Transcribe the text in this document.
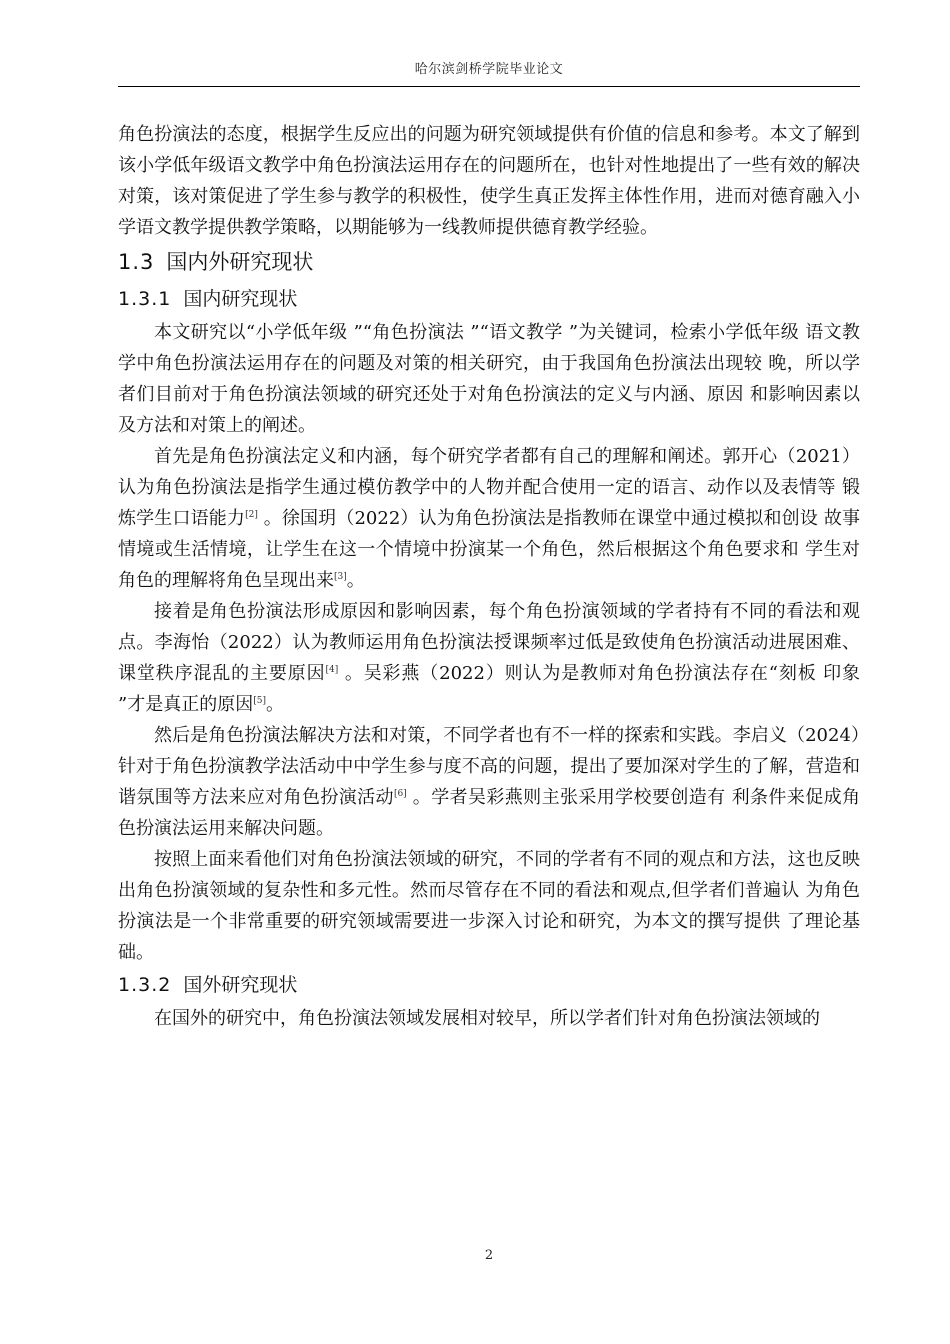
哈尔滨剑桥学院毕业论文

角色扮演法的态度，根据学生反应出的问题为研究领域提供有价值的信息和参考。本文了解到该小学低年级语文教学中角色扮演法运用存在的问题所在，也针对性地提出了一些有效的解决对策，该对策促进了学生参与教学的积极性，使学生真正发挥主体性作用，进而对德育融入小学语文教学提供教学策略，以期能够为一线教师提供德育教学经验。

1.3 国内外研究现状
1.3.1 国内研究现状

本文研究以“小学低年级 ”“角色扮演法 ”“语文教学 ”为关键词，检索小学低年级 语文教学中角色扮演法运用存在的问题及对策的相关研究，由于我国角色扮演法出现较 晚，所以学者们目前对于角色扮演法领域的研究还处于对角色扮演法的定义与内涵、原因 和影响因素以及方法和对策上的阐述。

首先是角色扮演法定义和内涵，每个研究学者都有自己的理解和阐述。郭开心（2021） 认为角色扮演法是指学生通过模仿教学中的人物并配合使用一定的语言、动作以及表情等 锻炼学生口语能力[2] 。徐国玥（2022）认为角色扮演法是指教师在课堂中通过模拟和创设 故事情境或生活情境，让学生在这一个情境中扮演某一个角色，然后根据这个角色要求和 学生对角色的理解将角色呈现出来[3]。

接着是角色扮演法形成原因和影响因素，每个角色扮演领域的学者持有不同的看法和观点。李海怡（2022）认为教师运用角色扮演法授课频率过低是致使角色扮演活动进展困难、课堂秩序混乱的主要原因[4] 。吴彩燕（2022）则认为是教师对角色扮演法存在“刻板 印象 ”才是真正的原因[5]。

然后是角色扮演法解决方法和对策，不同学者也有不一样的探索和实践。李启义（2024）针对于角色扮演教学法活动中中学生参与度不高的问题，提出了要加深对学生的了解，营造和谐氛围等方法来应对角色扮演活动[6] 。学者吴彩燕则主张采用学校要创造有 利条件来促成角色扮演法运用来解决问题。

按照上面来看他们对角色扮演法领域的研究，不同的学者有不同的观点和方法，这也反映出角色扮演领域的复杂性和多元性。然而尽管存在不同的看法和观点,但学者们普遍认 为角色扮演法是一个非常重要的研究领域需要进一步深入讨论和研究，为本文的撰写提供 了理论基础。

1.3.2 国外研究现状

在国外的研究中，角色扮演法领域发展相对较早，所以学者们针对角色扮演法领域的

2
